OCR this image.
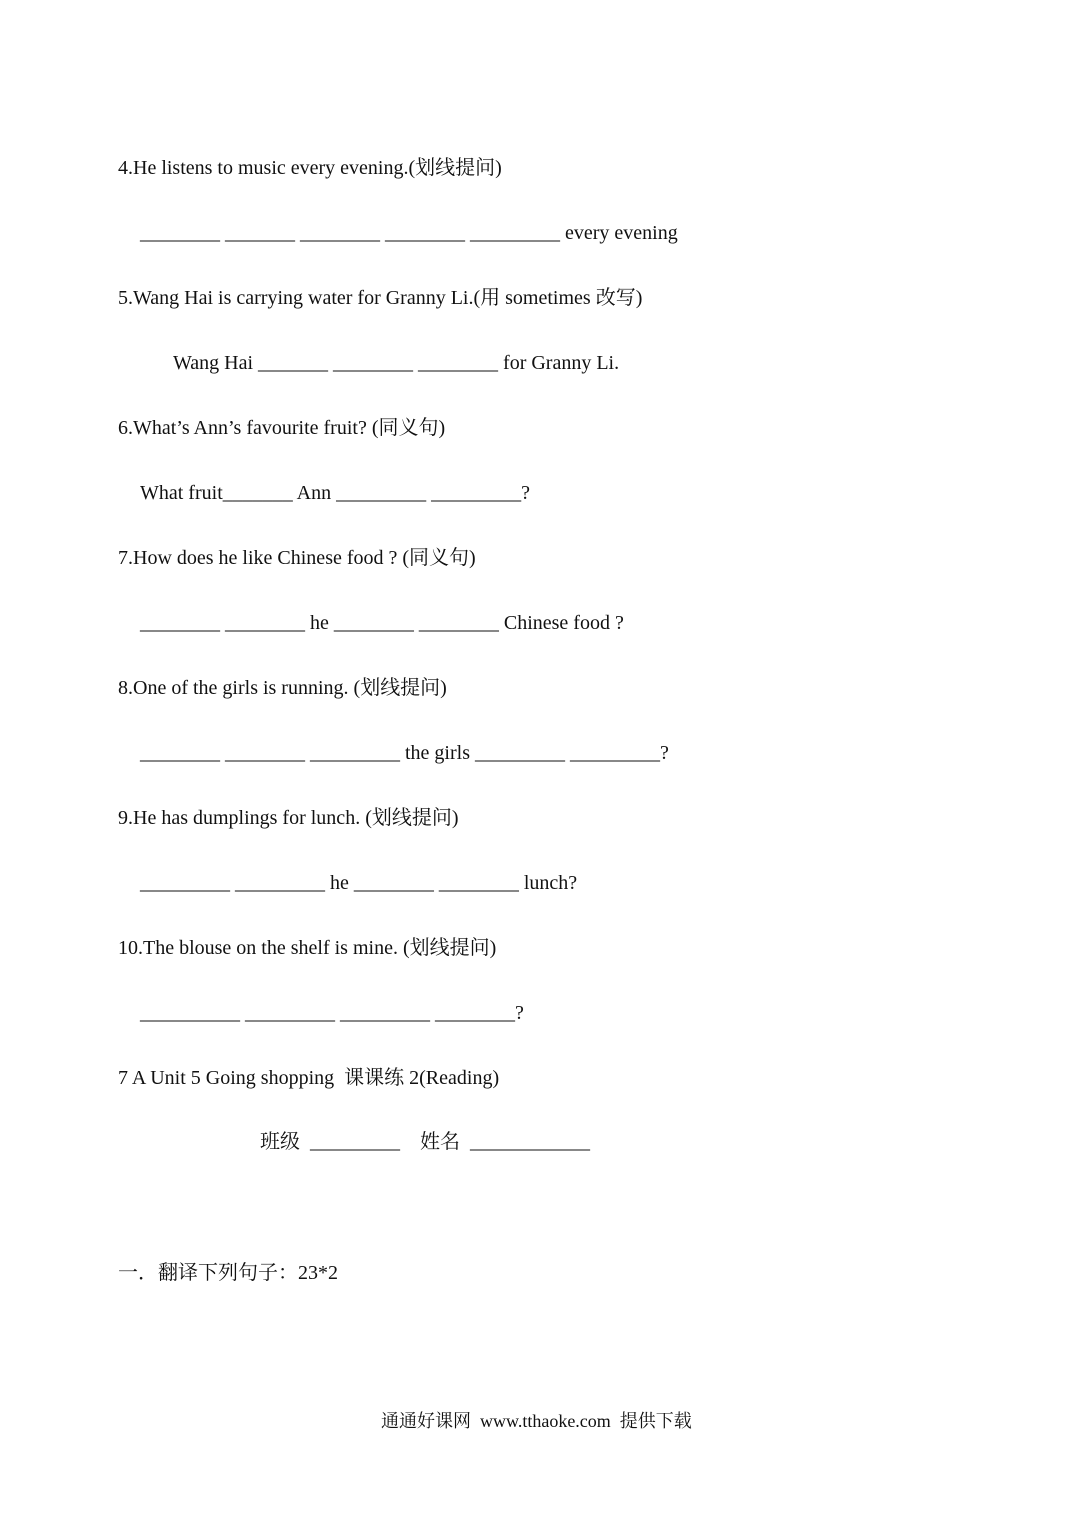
4.He listens to music every evening.(划线提问)
________ _______ ________ ________ _________ every evening
5.Wang Hai is carrying water for Granny Li.(用 sometimes 改写)
Wang Hai _______ ________ ________ for Granny Li.
6.What’s Ann’s favourite fruit? (同义句)
What fruit_______ Ann _________ _________?
7.How does he like Chinese food ? (同义句)
________ ________ he ________ ________ Chinese food ?
8.One of the girls is running. (划线提问)
________ ________ _________ the girls _________ _________?
9.He has dumplings for lunch. (划线提问)
_________ _________ he ________ ________ lunch?
10.The blouse on the shelf is mine. (划线提问)
__________ _________ _________ ________?
7 A Unit 5 Going shopping  课课练 2(Reading)
班级  _________    姓名  ____________
一．翻译下列句子：23*2
通通好课网  www.tthaoke.com  提供下载
